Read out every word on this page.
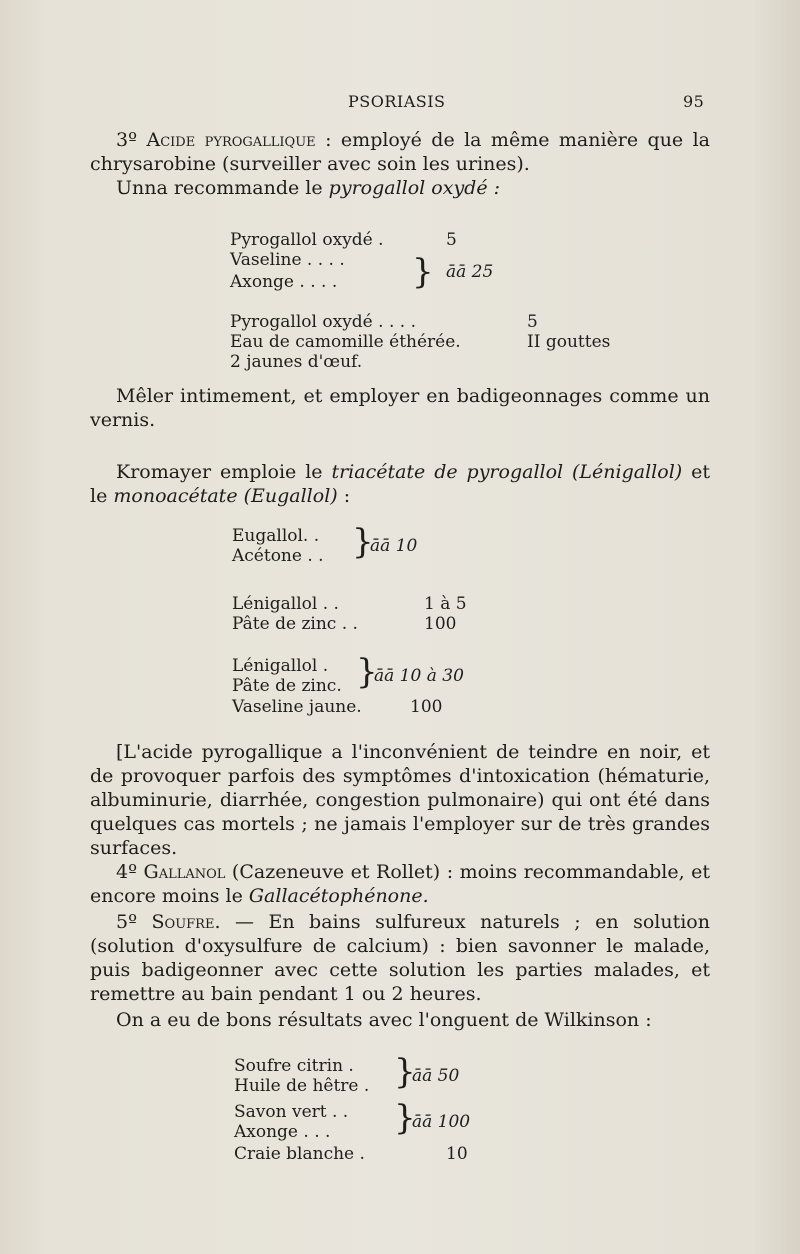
PSORIASIS	95
3º Acide pyrogallique : employé de la même manière que la chrysarobine (surveiller avec soin les urines).
Unna recommande le pyrogallol oxydé :
Pyrogallol oxydé .	5
Vaseline . . . .
Axonge . . . . } āā 25
Pyrogallol oxydé . . . .	5
Eau de camomille éthérée.	II gouttes
2 jaunes d'œuf.
Mêler intimement, et employer en badigeonnages comme un vernis.
Kromayer emploie le triacétate de pyrogallol (Lénigallol) et le monoacétate (Eugallol) :
Eugallol. .
Acétone . . }
āā 10
Lénigallol . .	1 à 5
Pâte de zinc . .	100
Lénigallol .
Pâte de zinc. }
āā 10 à 30
Vaseline jaune.	100
[L'acide pyrogallique a l'inconvénient de teindre en noir, et de provoquer parfois des symptômes d'intoxication (hématurie, albuminurie, diarrhée, congestion pulmonaire) qui ont été dans quelques cas mortels ; ne jamais l'employer sur de très grandes surfaces.
4º Gallanol (Cazeneuve et Rollet) : moins recommandable, et encore moins le Gallacétophénone.
5º Soufre. — En bains sulfureux naturels ; en solution (solution d'oxysulfure de calcium) : bien savonner le malade, puis badigeonner avec cette solution les parties malades, et remettre au bain pendant 1 ou 2 heures.
On a eu de bons résultats avec l'onguent de Wilkinson :
Soufre citrin .
Huile de hêtre . }
āā 50
Savon vert . .
Axonge . . . }
āā 100
Craie blanche .	10
